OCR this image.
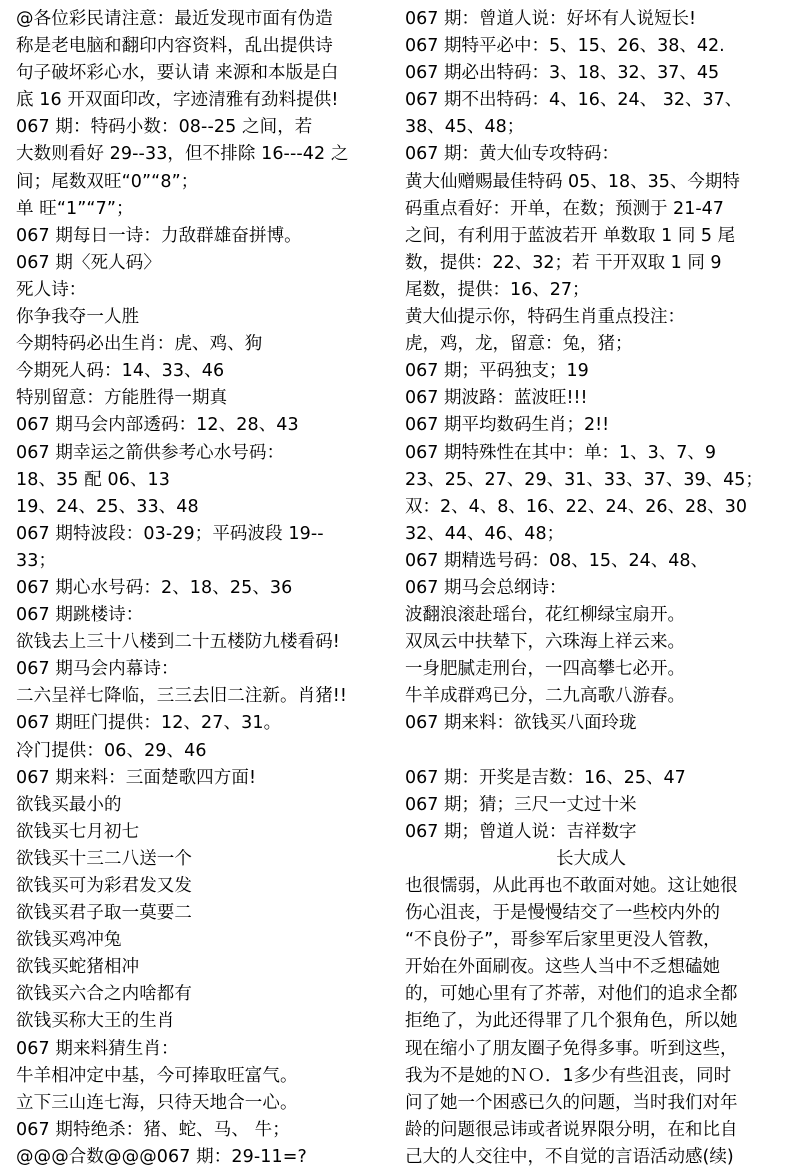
@各位彩民请注意：最近发现市面有伪造
称是老电脑和翻印内容资料，乱出提供诗
句子破坏彩心水，要认请 来源和本版是白
底 16 开双面印改，字迹清雅有劲料提供!
067 期：特码小数：08--25 之间，若
大数则看好 29--33，但不排除 16---42 之
间；尾数双旺“0”“8”；
单 旺“1”“7”；
067 期每日一诗：力敌群雄奋拼博。
067 期〈死人码〉
死人诗：
你争我夺一人胜
今期特码必出生肖：虎、鸡、狗
今期死人码：14、33、46
特别留意：方能胜得一期真
067 期马会内部透码：12、28、43
067 期幸运之箭供参考心水号码：
18、35 配 06、13
19、24、25、33、48
067 期特波段：03-29；平码波段 19--
33；
067 期心水号码：2、18、25、36
067 期跳楼诗：
欲钱去上三十八楼到二十五楼防九楼看码!
067 期马会内幕诗：
二六呈祥七降临，三三去旧二注新。肖猪!!
067 期旺门提供：12、27、31。
冷门提供：06、29、46
067 期来料：三面楚歌四方面!
欲钱买最小的
欲钱买七月初七
欲钱买十三二八送一个
欲钱买可为彩君发又发
欲钱买君子取一莫要二
欲钱买鸡冲兔
欲钱买蛇猪相冲
欲钱买六合之内啥都有
欲钱买称大王的生肖
067 期来料猜生肖：
牛羊相冲定中基，今可捧取旺富气。
立下三山连七海，只待天地合一心。
067 期特绝杀：猪、蛇、马、 牛；
@@@合数@@@067 期：29-11=?
067 期：曾道人说：好坏有人说短长!
067 期特平必中：5、15、26、38、42.
067 期必出特码：3、18、32、37、45
067 期不出特码：4、16、24、 32、37、
38、45、48；
067 期：黄大仙专攻特码：
黄大仙赠赐最佳特码 05、18、35、今期特
码重点看好：开单，在数；预测于 21-47
之间，有利用于蓝波若开 单数取 1 同 5 尾
数，提供：22、32；若 干开双取 1 同 9
尾数，提供：16、27；
黄大仙提示你，特码生肖重点投注：
虎，鸡，龙，留意：兔，猪；
067 期；平码独支；19
067 期波路：蓝波旺!!!
067 期平均数码生肖；2!!
067 期特殊性在其中：单：1、3、7、9
23、25、27、29、31、33、37、39、45；
双：2、4、8、16、22、24、26、28、30
32、44、46、48；
067 期精选号码：08、15、24、48、
067 期马会总纲诗：
波翻浪滚赴瑶台，花红柳绿宝扇开。
双凤云中扶辇下，六珠海上祥云来。
一身肥腻走刑台，一四高攀七必开。
牛羊成群鸡已分，二九高歌八游春。
067 期来料：欲钱买八面玲珑
067 期：开奖是吉数：16、25、47
067 期；猜；三尺一丈过十米
067 期；曾道人说：吉祥数字
长大成人
也很懦弱，从此再也不敢面对她。这让她很
伤心沮丧，于是慢慢结交了一些校内外的
“不良份子”，哥参军后家里更没人管教，
开始在外面刷夜。这些人当中不乏想磕她
的，可她心里有了芥蒂，对他们的追求全都
拒绝了，为此还得罪了几个狠角色，所以她
现在缩小了朋友圈子免得多事。听到这些，
我为不是她的ＮＯ．1多少有些沮丧，同时
问了她一个困惑已久的问题，当时我们对年
龄的问题很忌讳或者说界限分明，在和比自
己大的人交往中，不自觉的言语活动感(续)
